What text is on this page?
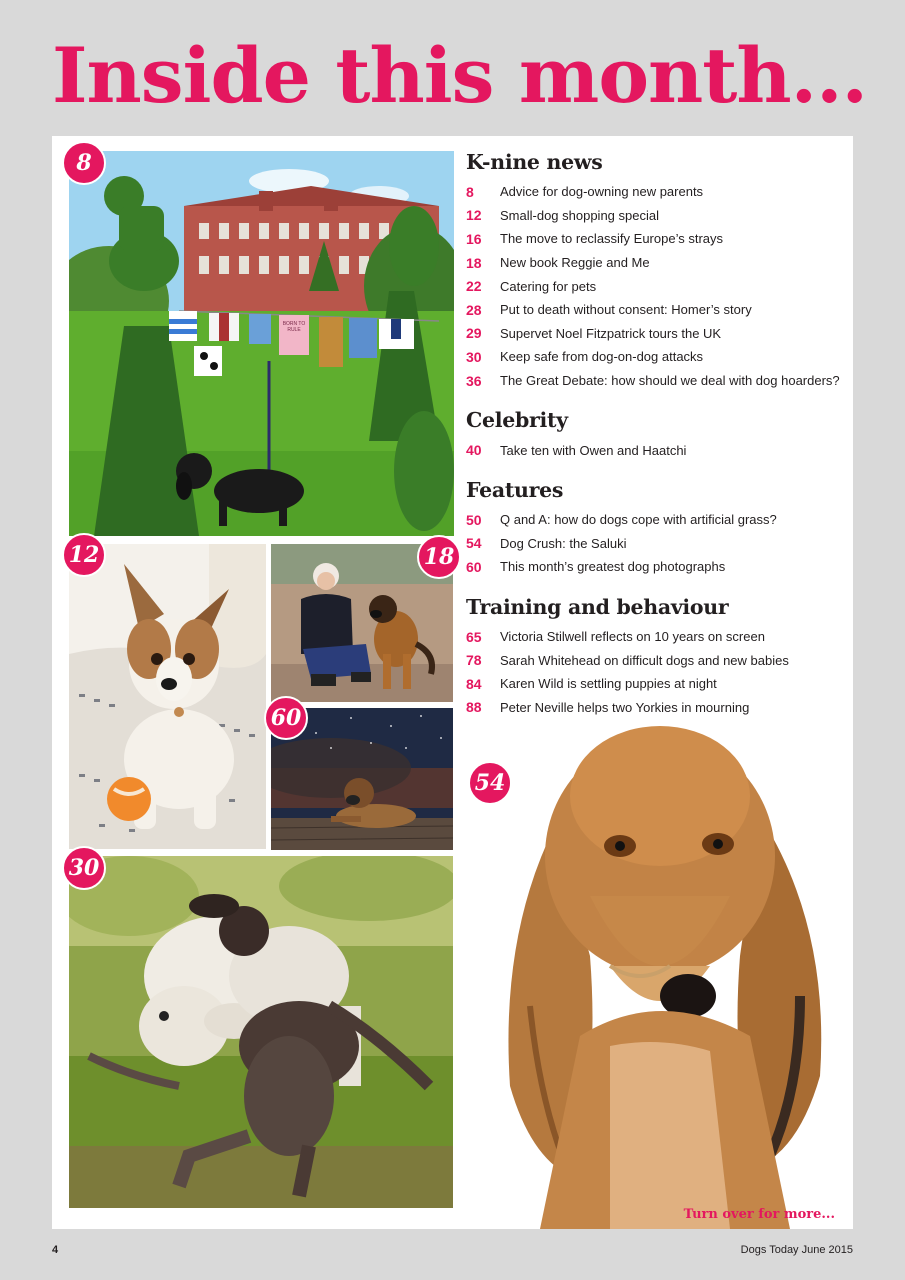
Inside this month...
BORN TO RULE
8
12	18
60
30
54
K-nine news
8	Advice for dog-owning new parents
12	Small-dog shopping special
16	The move to reclassify Europe’s strays
18	New book Reggie and Me
22	Catering for pets
28	Put to death without consent: Homer’s story
29	Supervet Noel Fitzpatrick tours the UK
30	Keep safe from dog-on-dog attacks
36	The Great Debate: how should we deal with dog hoarders?
Celebrity
40	Take ten with Owen and Haatchi
Features
50	Q and A: how do dogs cope with artificial grass?
54	Dog Crush: the Saluki
60	This month’s greatest dog photographs
Training and behaviour
65	Victoria Stilwell reflects on 10 years on screen
78	Sarah Whitehead on difficult dogs and new babies
84	Karen Wild is settling puppies at night
88	Peter Neville helps two Yorkies in mourning
Turn over for more...
4	Dogs Today June 2015
